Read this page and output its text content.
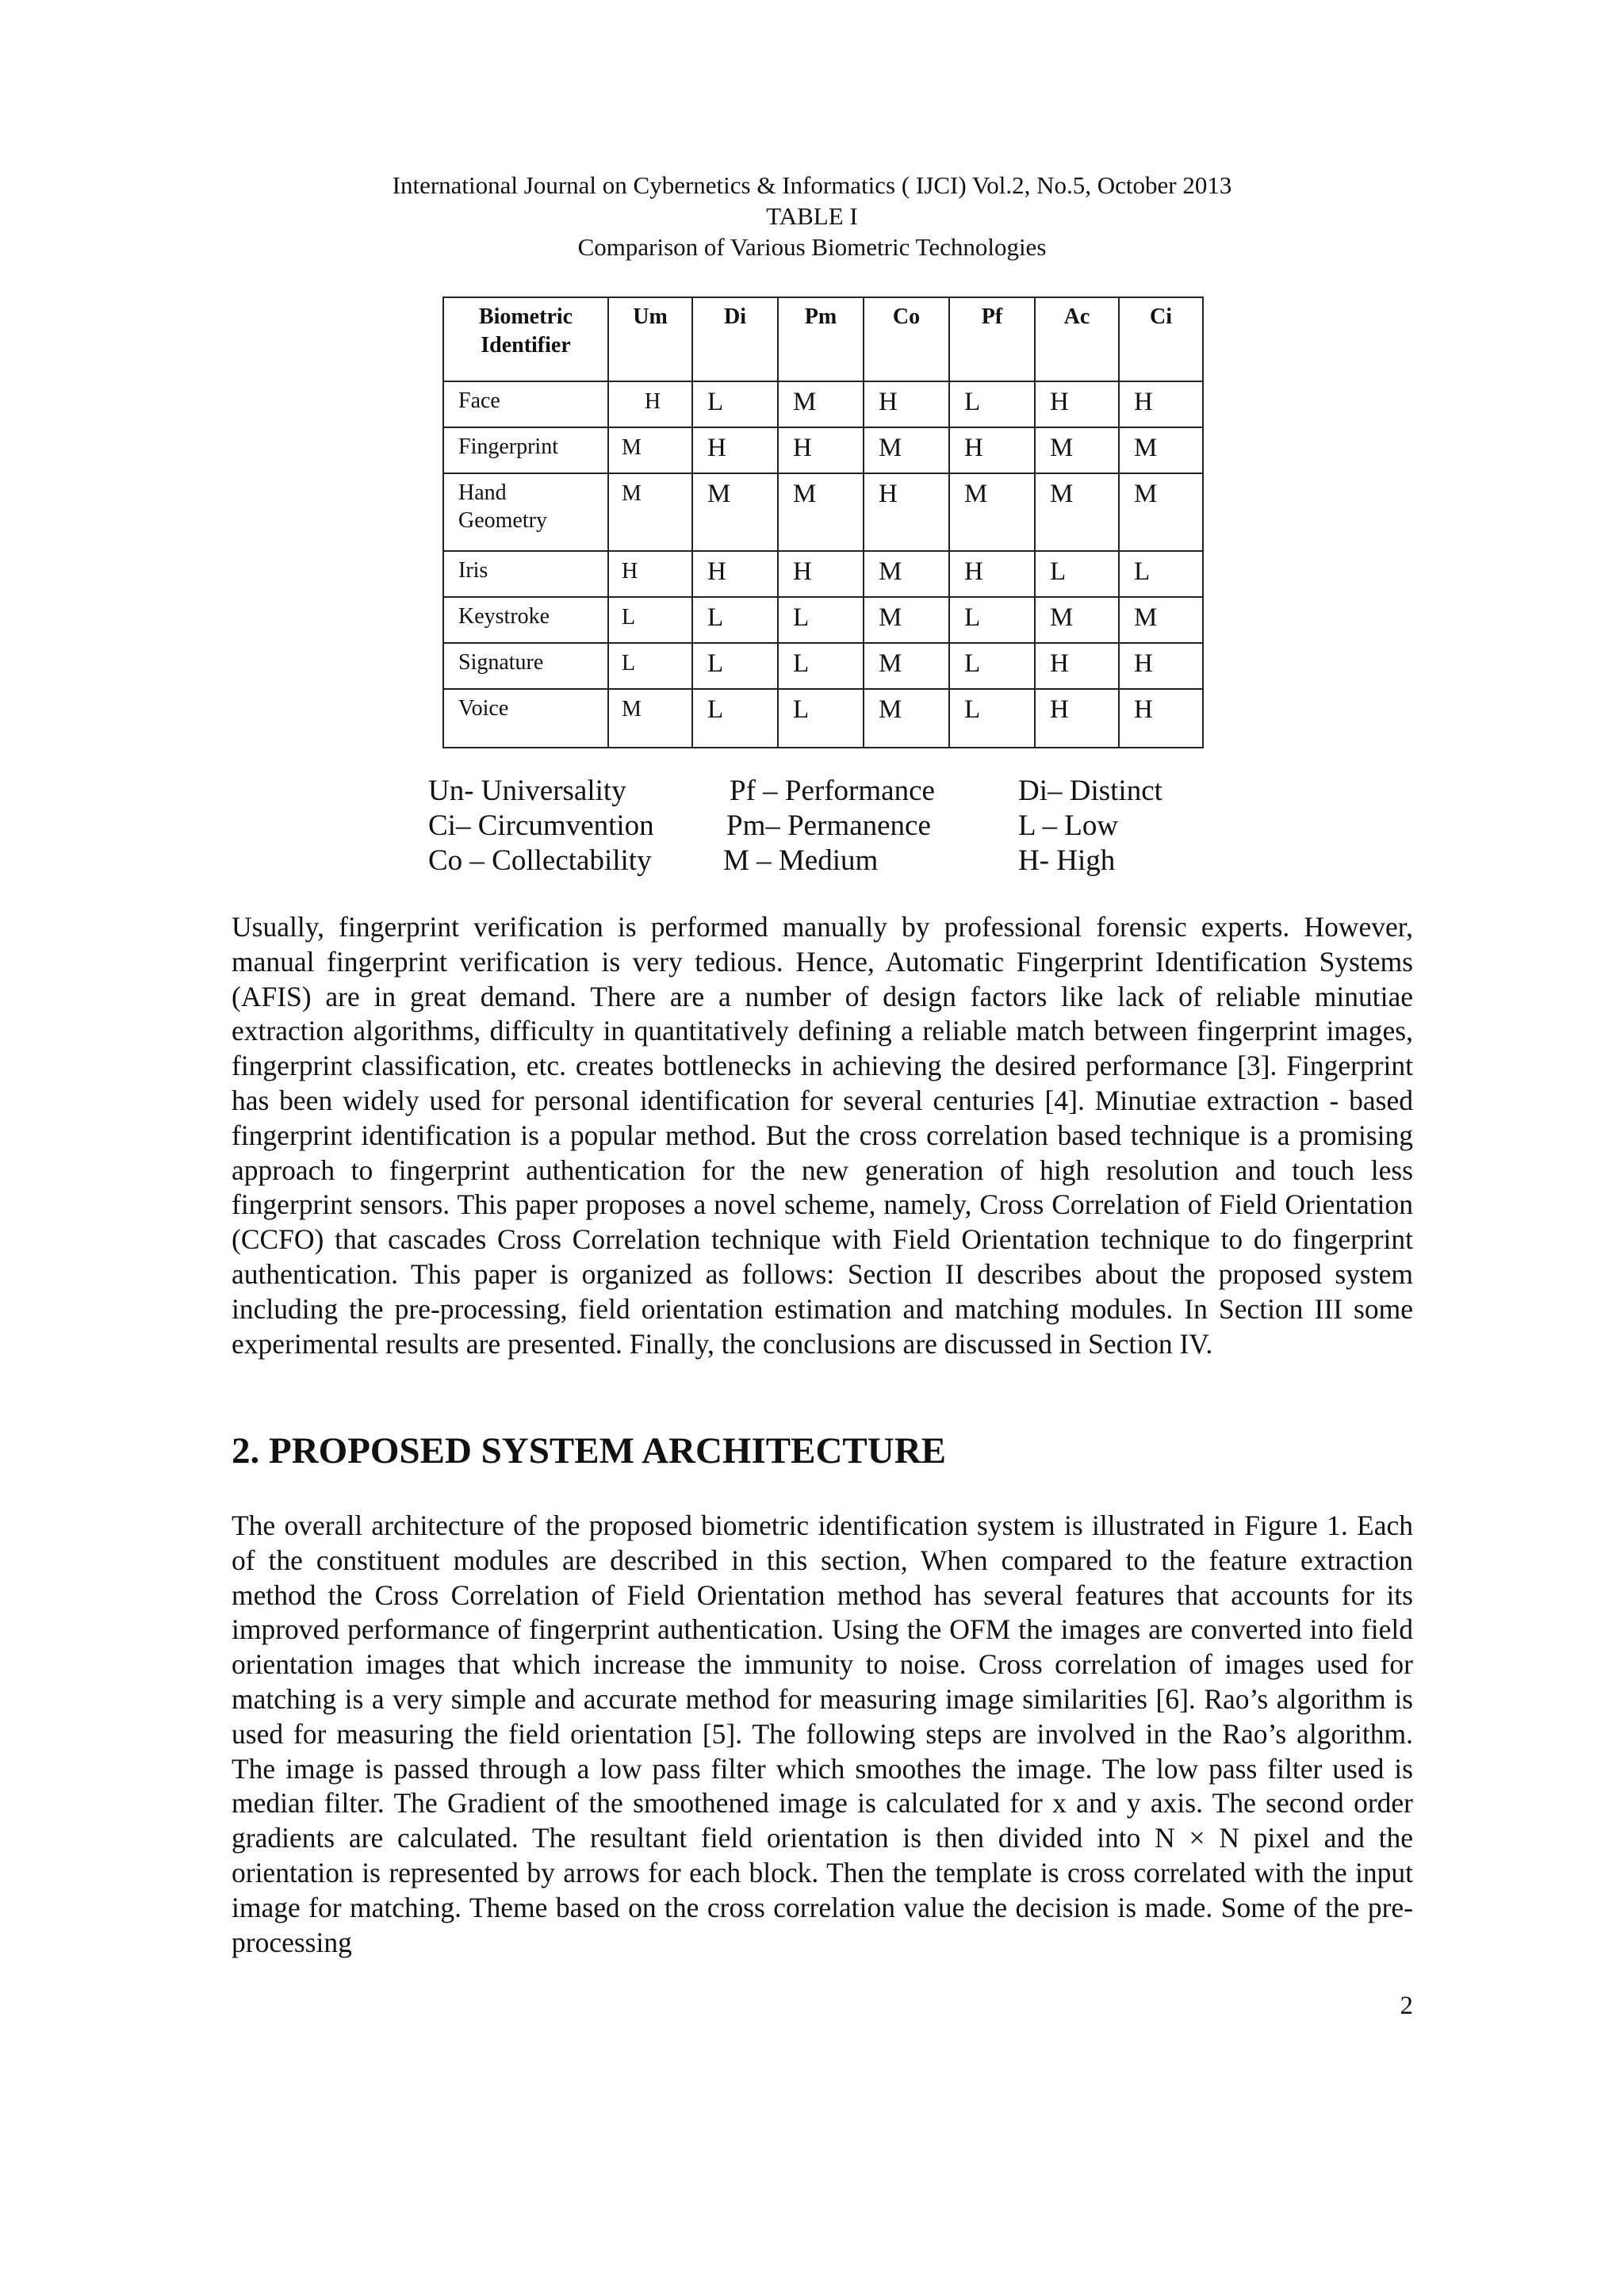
International Journal on Cybernetics & Informatics ( IJCI) Vol.2, No.5, October 2013
TABLE I
Comparison of Various Biometric Technologies
Biometric Identifier	Um	Di	Pm	Co	Pf	Ac	Ci
Face	H	L	M	H	L	H	H
Fingerprint	M	H	H	M	H	M	M
Hand Geometry	M	M	M	H	M	M	M
Iris	H	H	H	M	H	L	L
Keystroke	L	L	L	M	L	M	M
Signature	L	L	L	M	L	H	H
Voice	M	L	L	M	L	H	H
Un- Universality	Pf – Performance	Di– Distinct
Ci– Circumvention Pm– Permanence	L – Low
Co – Collectability M – Medium	H- High
Usually, fingerprint verification is performed manually by professional forensic experts. However, manual fingerprint verification is very tedious. Hence, Automatic Fingerprint Identification Systems (AFIS) are in great demand. There are a number of design factors like lack of reliable minutiae extraction algorithms, difficulty in quantitatively defining a reliable match between fingerprint images, fingerprint classification, etc. creates bottlenecks in achieving the desired performance [3]. Fingerprint has been widely used for personal identification for several centuries [4]. Minutiae extraction - based fingerprint identification is a popular method. But the cross correlation based technique is a promising approach to fingerprint authentication for the new generation of high resolution and touch less fingerprint sensors. This paper proposes a novel scheme, namely, Cross Correlation of Field Orientation (CCFO) that cascades Cross Correlation technique with Field Orientation technique to do fingerprint authentication. This paper is organized as follows: Section II describes about the proposed system including the pre-processing, field orientation estimation and matching modules. In Section III some experimental results are presented. Finally, the conclusions are discussed in Section IV.
2. PROPOSED SYSTEM ARCHITECTURE
The overall architecture of the proposed biometric identification system is illustrated in Figure 1. Each of the constituent modules are described in this section, When compared to the feature extraction method the Cross Correlation of Field Orientation method has several features that accounts for its improved performance of fingerprint authentication. Using the OFM the images are converted into field orientation images that which increase the immunity to noise. Cross correlation of images used for matching is a very simple and accurate method for measuring image similarities [6]. Rao’s algorithm is used for measuring the field orientation [5]. The following steps are involved in the Rao’s algorithm. The image is passed through a low pass filter which smoothes the image. The low pass filter used is median filter. The Gradient of the smoothened image is calculated for x and y axis. The second order gradients are calculated. The resultant field orientation is then divided into N × N pixel and the orientation is represented by arrows for each block. Then the template is cross correlated with the input image for matching. Theme based on the cross correlation value the decision is made. Some of the pre-processing
2
